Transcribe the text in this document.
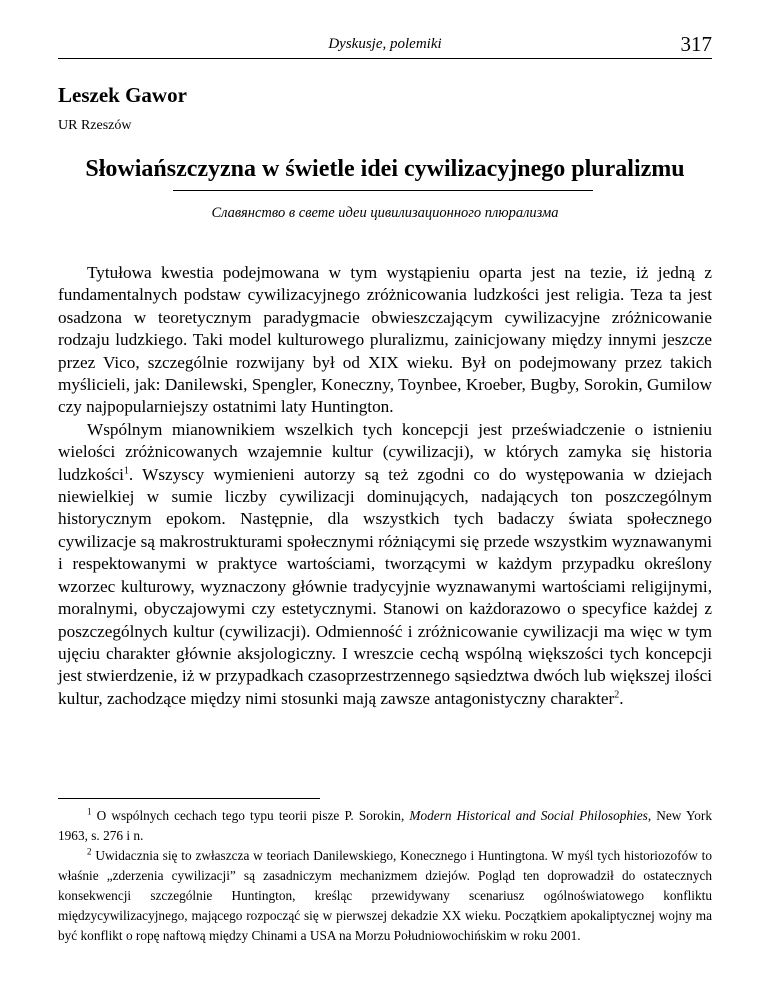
Dyskusje, polemiki	317
Leszek Gawor
UR Rzeszów
Słowiańszczyzna w świetle idei cywilizacyjnego pluralizmu
Славянство в свете идеи цивилизационного плюрализма

Tytułowa kwestia podejmowana w tym wystąpieniu oparta jest na tezie, iż jedną z fundamentalnych podstaw cywilizacyjnego zróżnicowania ludzkości jest religia. Teza ta jest osadzona w teoretycznym paradygmacie obwieszczającym cywilizacyjne zróżnicowanie rodzaju ludzkiego. Taki model kulturowego pluralizmu, zainicjowany między innymi jeszcze przez Vico, szczególnie rozwijany był od XIX wieku. Był on podejmowany przez takich myślicieli, jak: Danilewski, Spengler, Koneczny, Toynbee, Kroeber, Bugby, Sorokin, Gumilow czy najpopularniejszy ostatnimi laty Huntington.

Wspólnym mianownikiem wszelkich tych koncepcji jest przeświadczenie o istnieniu wielości zróżnicowanych wzajemnie kultur (cywilizacji), w których zamyka się historia ludzkości$^1$. Wszyscy wymienieni autorzy są też zgodni co do występowania w dziejach niewielkiej w sumie liczby cywilizacji dominujących, nadających ton poszczególnym historycznym epokom. Następnie, dla wszystkich tych badaczy świata społecznego cywilizacje są makrostrukturami społecznymi różniącymi się przede wszystkim wyznawanymi i respektowanymi w praktyce wartościami, tworzącymi w każdym przypadku określony wzorzec kulturowy, wyznaczony głównie tradycyjnie wyznawanymi wartościami religijnymi, moralnymi, obyczajowymi czy estetycznymi. Stanowi on każdorazowo o specyfice każdej z poszczególnych kultur (cywilizacji). Odmienność i zróżnicowanie cywilizacji ma więc w tym ujęciu charakter głównie aksjologiczny. I wreszcie cechą wspólną większości tych koncepcji jest stwierdzenie, iż w przypadkach czasoprzestrzennego sąsiedztwa dwóch lub większej ilości kultur, zachodzące między nimi stosunki mają zawsze antagonistyczny charakter$^2$.

$^1$ O wspólnych cechach tego typu teorii pisze P. Sorokin, Modern Historical and Social Philosophies, New York 1963, s. 276 i n.

$^2$ Uwidacznia się to zwłaszcza w teoriach Danilewskiego, Konecznego i Huntingtona. W myśl tych historiozofów to właśnie „zderzenia cywilizacji” są zasadniczym mechanizmem dziejów. Pogląd ten doprowadził do ostatecznych konsekwencji szczególnie Huntington, kreśląc przewidywany scenariusz ogólnoświatowego konfliktu międzycywilizacyjnego, mającego rozpocząć się w pierwszej dekadzie XX wieku. Początkiem apokaliptycznej wojny ma być konflikt o ropę naftową między Chinami a USA na Morzu Południowochińskim w roku 2001.
